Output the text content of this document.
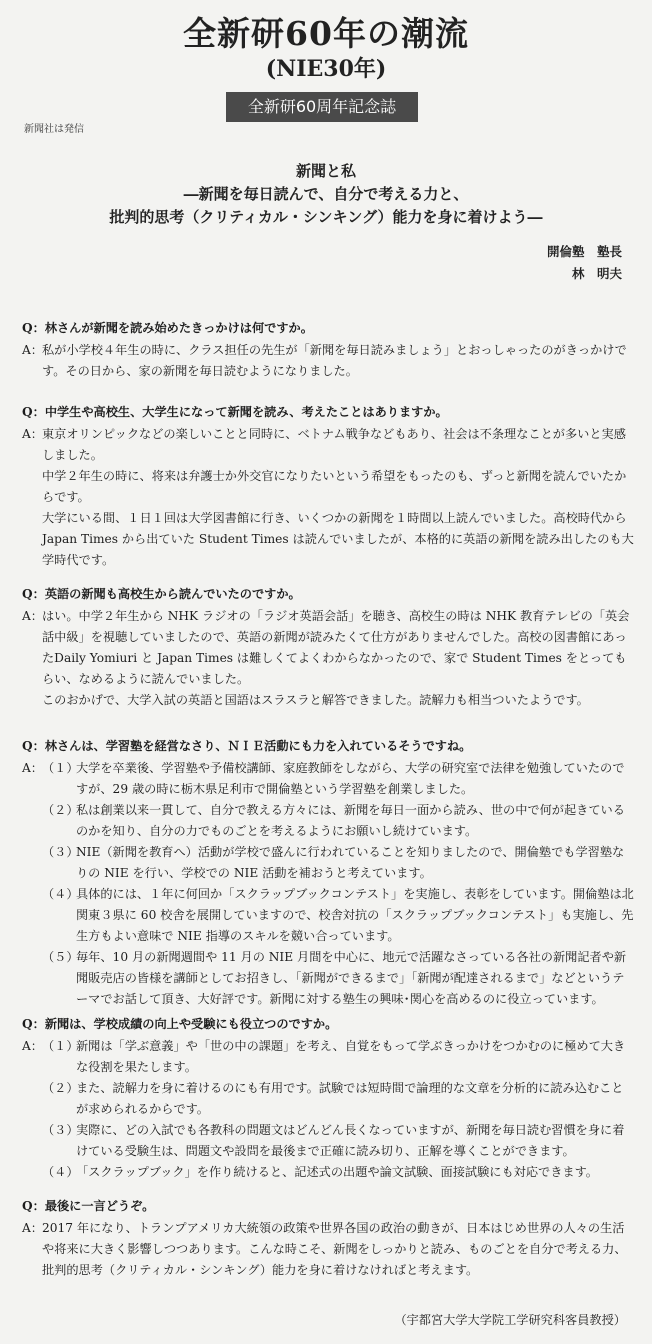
全新研60年の潮流
(NIE30年)
全新研60周年記念誌
新聞社は発信
新聞と私
―新聞を毎日読んで、自分で考える力と、
批判的思考（クリティカル・シンキング）能力を身に着けよう―
開倫塾　塾長
林　明夫
Q：林さんが新聞を読み始めたきっかけは何ですか。
A： 私が小学校４年生の時に、クラス担任の先生が「新聞を毎日読みましょう」とおっしゃったのがきっかけです。その日から、家の新聞を毎日読むようになりました。

Q：中学生や高校生、大学生になって新聞を読み、考えたことはありますか。
A： 東京オリンピックなどの楽しいことと同時に、ベトナム戦争などもあり、社会は不条理なことが多いと実感しました。

中学２年生の時に、将来は弁護士か外交官になりたいという希望をもったのも、ずっと新聞を読んでいたからです。

大学にいる間、１日１回は大学図書館に行き、いくつかの新聞を１時間以上読んでいました。高校時代から Japan Times から出ていた Student Times は読んでいましたが、本格的に英語の新聞を読み出したのも大学時代です。

Q：英語の新聞も高校生から読んでいたのですか。
A： はい。中学２年生から NHK ラジオの「ラジオ英語会話」を聴き、高校生の時は NHK 教育テレビの「英会話中級」を視聴していましたので、英語の新聞が読みたくて仕方がありませんでした。高校の図書館にあったDaily Yomiuri と Japan Times は難しくてよくわからなかったので、家で Student Times をとってもらい、なめるように読んでいました。

このおかげで、大学入試の英語と国語はスラスラと解答できました。読解力も相当ついたようです。

Q：林さんは、学習塾を経営なさり、ＮＩＥ活動にも力を入れているそうですね。
A： （１）
大学を卒業後、学習塾や予備校講師、家庭教師をしながら、大学の研究室で法律を勉強していたのですが、29 歳の時に栃木県足利市で開倫塾という学習塾を創業しました。
（２）
私は創業以来一貫して、自分で教える方々には、新聞を毎日一面から読み、世の中で何が起きているのかを知り、自分の力でものごとを考えるようにお願いし続けています。
（３）
NIE（新聞を教育へ）活動が学校で盛んに行われていることを知りましたので、開倫塾でも学習塾なりの NIE を行い、学校での NIE 活動を補おうと考えています。
（４）
具体的には、１年に何回か「スクラップブックコンテスト」を実施し、表彰をしています。開倫塾は北関東３県に 60 校舎を展開していますので、校舎対抗の「スクラップブックコンテスト」も実施し、先生方もよい意味で NIE 指導のスキルを競い合っています。
（５）
毎年、10 月の新聞週間や 11 月の NIE 月間を中心に、地元で活躍なさっている各社の新聞記者や新聞販売店の皆様を講師としてお招きし、「新聞ができるまで」「新聞が配達されるまで」などというテーマでお話して頂き、大好評です。新聞に対する塾生の興味･関心を高めるのに役立っています。
Q：新聞は、学校成績の向上や受験にも役立つのですか。
A： （１）
新聞は「学ぶ意義」や「世の中の課題」を考え、自覚をもって学ぶきっかけをつかむのに極めて大きな役割を果たします。
（２）
また、読解力を身に着けるのにも有用です。試験では短時間で論理的な文章を分析的に読み込むことが求められるからです。
（３）
実際に、どの入試でも各教科の問題文はどんどん長くなっていますが、新聞を毎日読む習慣を身に着けている受験生は、問題文や設問を最後まで正確に読み切り、正解を導くことができます。
（４）
「スクラップブック」を作り続けると、記述式の出題や論文試験、面接試験にも対応できます。
Q：最後に一言どうぞ。
A： 2017 年になり、トランプアメリカ大統領の政策や世界各国の政治の動きが、日本はじめ世界の人々の生活や将来に大きく影響しつつあります。こんな時こそ、新聞をしっかりと読み、ものごとを自分で考える力、批判的思考（クリティカル・シンキング）能力を身に着けなければと考えます。

（宇都宮大学大学院工学研究科客員教授）
